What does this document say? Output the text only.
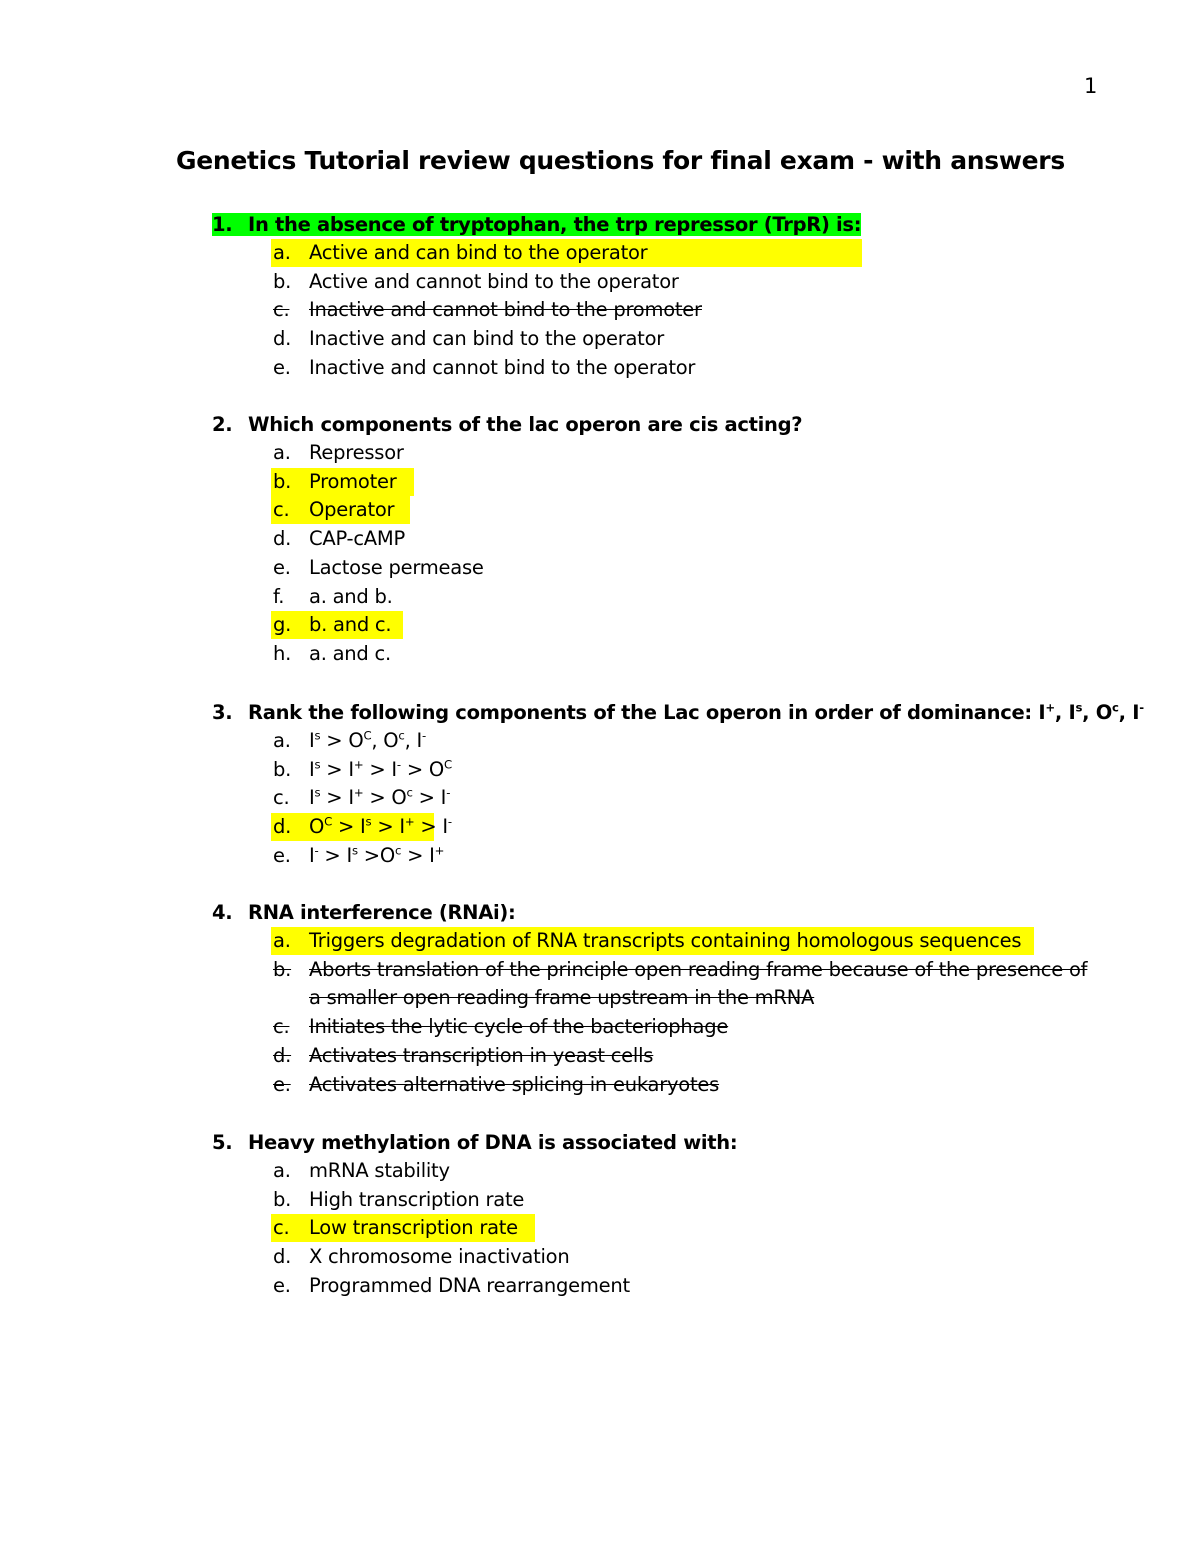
1
Genetics Tutorial review questions for final exam - with answers
1. In the absence of tryptophan, the trp repressor (TrpR) is:
a. Active and can bind to the operator
b. Active and cannot bind to the operator
c. Inactive and cannot bind to the promoter
d. Inactive and can bind to the operator
e. Inactive and cannot bind to the operator
2. Which components of the lac operon are cis acting?
a. Repressor
b. Promoter
c. Operator
d. CAP-cAMP
e. Lactose permease
f. a. and b.
g. b. and c.
h. a. and c.
3. Rank the following components of the Lac operon in order of dominance: I+, $I^s$, $O^c$, I-
a. $I^s > O^C$, $O^c$, I-
b. $I^s > I^+ > I^- > O^C$
c. $I^s > I^+ > O^c > I^-$
d. $O^C > I^s > I^+ > I^-$
e. $I^- > I^s >O^c > I^+$
4. RNA interference (RNAi):
a. Triggers degradation of RNA transcripts containing homologous sequences
b. Aborts translation of the principle open reading frame because of the presence of
a smaller open reading frame upstream in the mRNA
c. Initiates the lytic cycle of the bacteriophage
d. Activates transcription in yeast cells
e. Activates alternative splicing in eukaryotes
5. Heavy methylation of DNA is associated with:
a. mRNA stability
b. High transcription rate
c. Low transcription rate
d. X chromosome inactivation
e. Programmed DNA rearrangement
